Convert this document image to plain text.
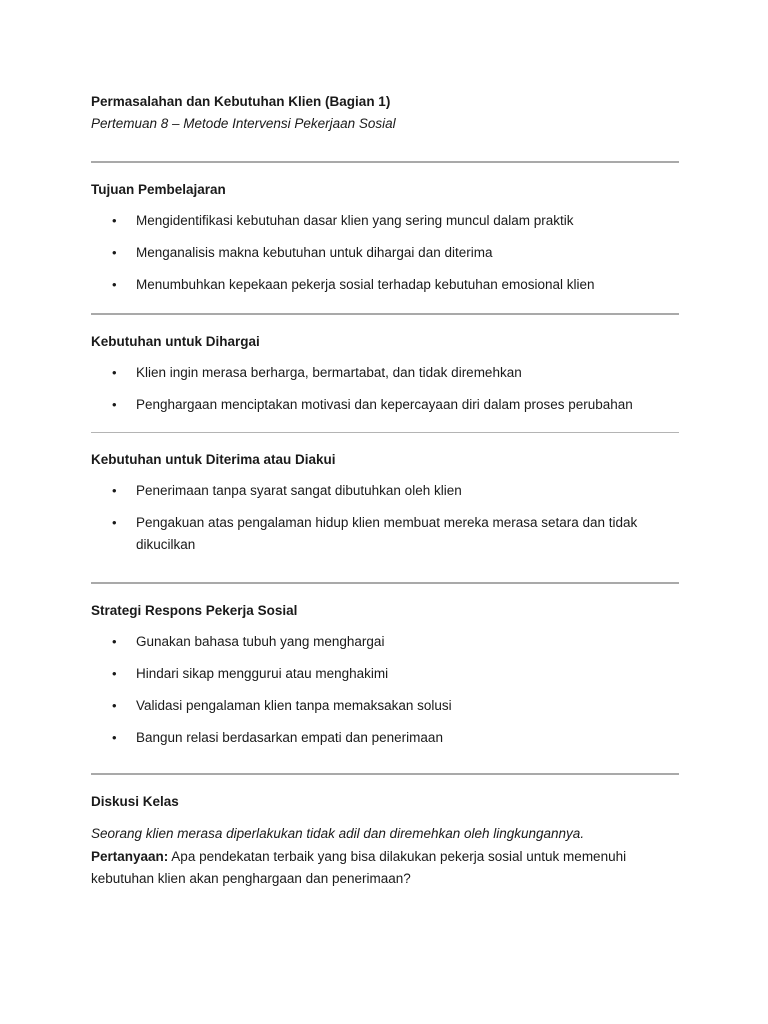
Permasalahan dan Kebutuhan Klien (Bagian 1)

Pertemuan 8 – Metode Intervensi Pekerjaan Sosial

Tujuan Pembelajaran

• Mengidentifikasi kebutuhan dasar klien yang sering muncul dalam praktik
• Menganalisis makna kebutuhan untuk dihargai dan diterima
• Menumbuhkan kepekaan pekerja sosial terhadap kebutuhan emosional klien

Kebutuhan untuk Dihargai

• Klien ingin merasa berharga, bermartabat, dan tidak diremehkan
• Penghargaan menciptakan motivasi dan kepercayaan diri dalam proses perubahan

Kebutuhan untuk Diterima atau Diakui

• Penerimaan tanpa syarat sangat dibutuhkan oleh klien
• Pengakuan atas pengalaman hidup klien membuat mereka merasa setara dan tidak dikucilkan

Strategi Respons Pekerja Sosial

• Gunakan bahasa tubuh yang menghargai
• Hindari sikap menggurui atau menghakimi
• Validasi pengalaman klien tanpa memaksakan solusi
• Bangun relasi berdasarkan empati dan penerimaan

Diskusi Kelas

Seorang klien merasa diperlakukan tidak adil dan diremehkan oleh lingkungannya.

Pertanyaan: Apa pendekatan terbaik yang bisa dilakukan pekerja sosial untuk memenuhi kebutuhan klien akan penghargaan dan penerimaan?
